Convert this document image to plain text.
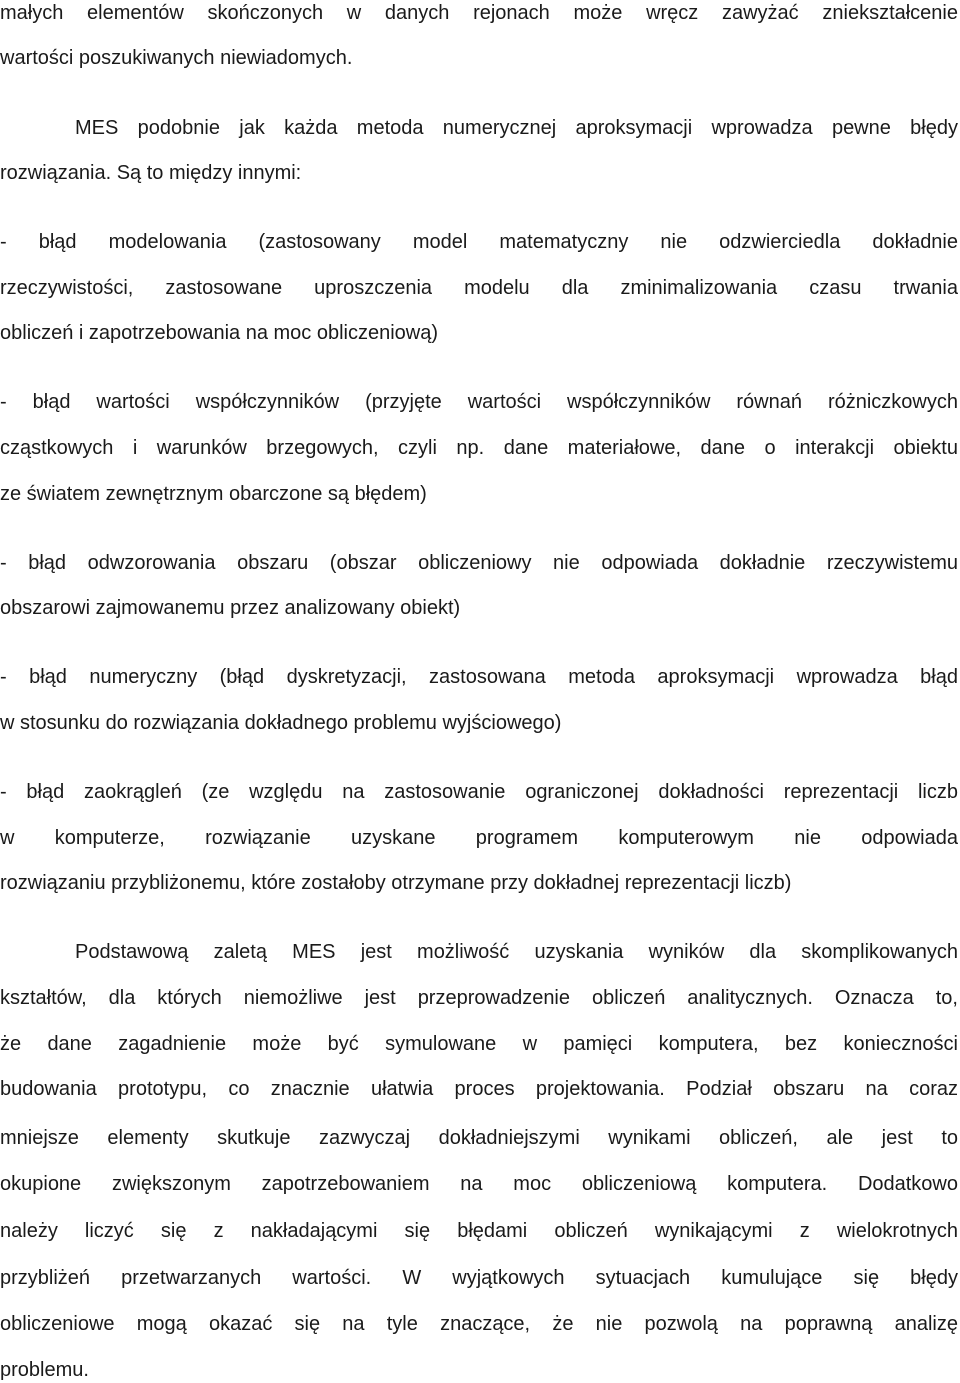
małych elementów skończonych w danych rejonach może wręcz zawyżać zniekształcenie
wartości poszukiwanych niewiadomych.
MES podobnie jak każda metoda numerycznej aproksymacji wprowadza pewne błędy
rozwiązania. Są to między innymi:
- błąd modelowania (zastosowany model matematyczny nie odzwierciedla dokładnie
rzeczywistości, zastosowane uproszczenia modelu dla zminimalizowania czasu trwania
obliczeń i zapotrzebowania na moc obliczeniową)
- błąd wartości współczynników (przyjęte wartości współczynników równań różniczkowych
cząstkowych i warunków brzegowych, czyli np. dane materiałowe, dane o interakcji obiektu
ze światem zewnętrznym obarczone są błędem)
- błąd odwzorowania obszaru (obszar obliczeniowy nie odpowiada dokładnie rzeczywistemu
obszarowi zajmowanemu przez analizowany obiekt)
- błąd numeryczny (błąd dyskretyzacji, zastosowana metoda aproksymacji wprowadza błąd
w stosunku do rozwiązania dokładnego problemu wyjściowego)
- błąd zaokrągleń (ze względu na zastosowanie ograniczonej dokładności reprezentacji liczb
w komputerze, rozwiązanie uzyskane programem komputerowym nie odpowiada
rozwiązaniu przybliżonemu, które zostałoby otrzymane przy dokładnej reprezentacji liczb)
Podstawową zaletą MES jest możliwość uzyskania wyników dla skomplikowanych
kształtów, dla których niemożliwe jest przeprowadzenie obliczeń analitycznych. Oznacza to,
że dane zagadnienie może być symulowane w pamięci komputera, bez konieczności
budowania prototypu, co znacznie ułatwia proces projektowania. Podział obszaru na coraz
mniejsze elementy skutkuje zazwyczaj dokładniejszymi wynikami obliczeń, ale jest to
okupione zwiększonym zapotrzebowaniem na moc obliczeniową komputera. Dodatkowo
należy liczyć się z nakładającymi się błędami obliczeń wynikającymi z wielokrotnych
przybliżeń przetwarzanych wartości. W wyjątkowych sytuacjach kumulujące się błędy
obliczeniowe mogą okazać się na tyle znaczące, że nie pozwolą na poprawną analizę
problemu.
